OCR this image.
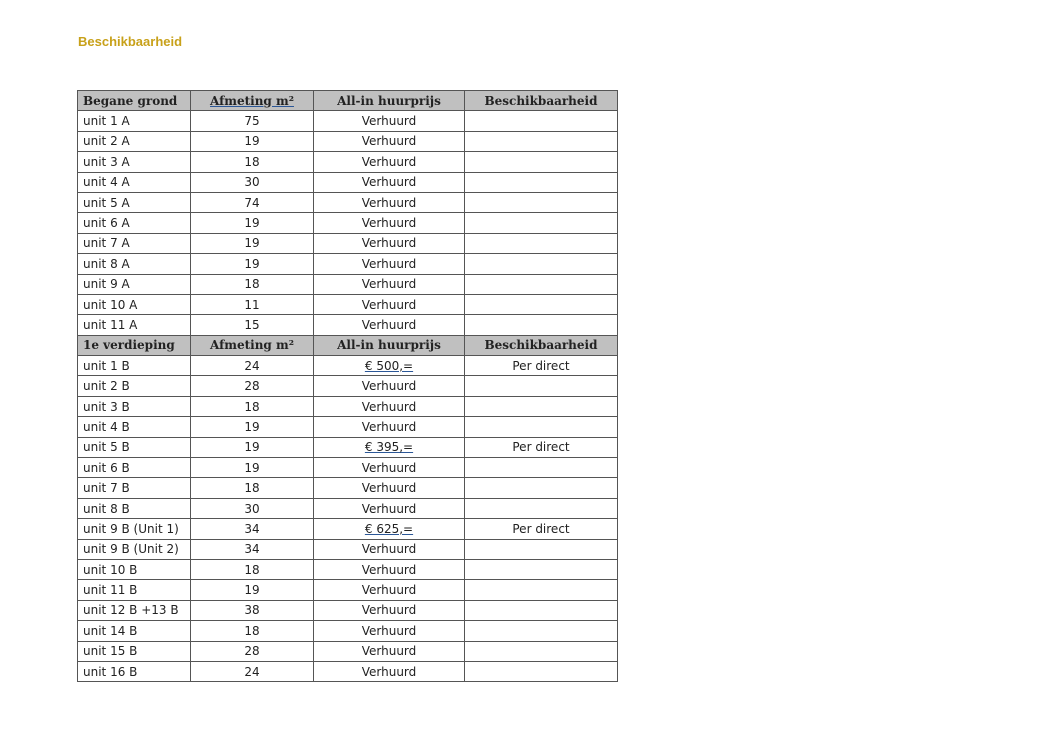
Beschikbaarheid
Begane grond	Afmeting m²	All-in huurprijs	Beschikbaarheid
unit 1 A	75	Verhuurd	
unit 2 A	19	Verhuurd	
unit 3 A	18	Verhuurd	
unit 4 A	30	Verhuurd	
unit 5 A	74	Verhuurd	
unit 6 A	19	Verhuurd	
unit 7 A	19	Verhuurd	
unit 8 A	19	Verhuurd	
unit 9 A	18	Verhuurd	
unit 10 A	11	Verhuurd	
unit 11 A	15	Verhuurd	
1e verdieping	Afmeting m²	All-in huurprijs	Beschikbaarheid
unit 1 B	24	€ 500,=	Per direct
unit 2 B	28	Verhuurd	
unit 3 B	18	Verhuurd	
unit 4 B	19	Verhuurd	
unit 5 B	19	€ 395,=	Per direct
unit 6 B	19	Verhuurd	
unit 7 B	18	Verhuurd	
unit 8 B	30	Verhuurd	
unit 9 B (Unit 1)	34	€ 625,=	Per direct
unit 9 B (Unit 2)	34	Verhuurd	
unit 10 B	18	Verhuurd	
unit 11 B	19	Verhuurd	
unit 12 B +13 B	38	Verhuurd	
unit 14 B	18	Verhuurd	
unit 15 B	28	Verhuurd	
unit 16 B	24	Verhuurd	
